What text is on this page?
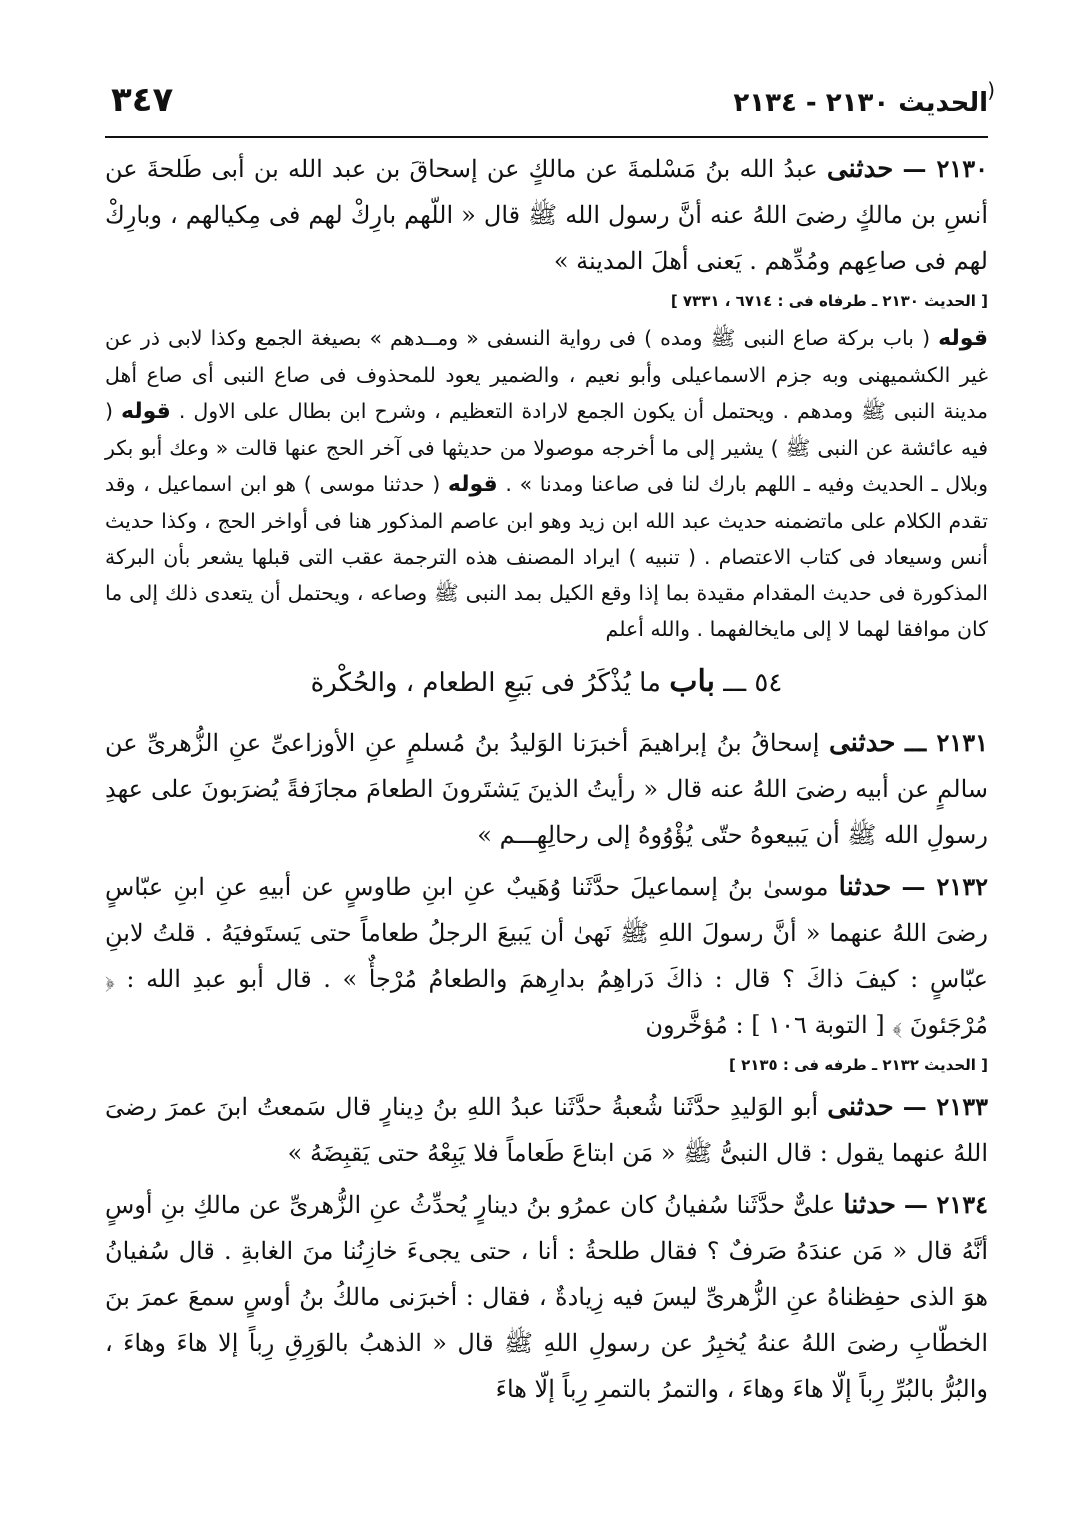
(
الحديث ٢١٣٠ - ٢١٣٤
٣٤٧

٢١٣٠ — حدثنى عبدُ الله بنُ مَسْلمةَ عن مالكٍ عن إسحاقَ بن عبد الله بن أبى طَلحةَ عن أنسِ بن مالكٍ رضىَ اللهُ عنه أنَّ رسول الله ﷺ قال « اللّهم بارِكْ لهم فى مِكيالهم ، وبارِكْ لهم فى صاعِهم ومُدِّهم . يَعنى أهلَ المدينة »

[ الحديث ٢١٣٠ ـ طرفاه فى : ٦٧١٤ ، ٧٣٣١ ]

قوله ( باب بركة صاع النبى ﷺ ومده ) فى رواية النسفى « ومــدهم » بصيغة الجمع وكذا لابى ذر عن غير الكشميهنى وبه جزم الاسماعيلى وأبو نعيم ، والضمير يعود للمحذوف فى صاع النبى أى صاع أهل مدينة النبى ﷺ ومدهم . ويحتمل أن يكون الجمع لارادة التعظيم ، وشرح ابن بطال على الاول . قوله ( فيه عائشة عن النبى ﷺ ) يشير إلى ما أخرجه موصولا من حديثها فى آخر الحج عنها قالت « وعك أبو بكر وبلال ـ الحديث وفيه ـ اللهم بارك لنا فى صاعنا ومدنا » . قوله ( حدثنا موسى ) هو ابن اسماعيل ، وقد تقدم الكلام على ماتضمنه حديث عبد الله ابن زيد وهو ابن عاصم المذكور هنا فى أواخر الحج ، وكذا حديث أنس وسيعاد فى كتاب الاعتصام . ( تنبيه ) ايراد المصنف هذه الترجمة عقب التى قبلها يشعر بأن البركة المذكورة فى حديث المقدام مقيدة بما إذا وقع الكيل بمد النبى ﷺ وصاعه ، ويحتمل أن يتعدى ذلك إلى ما كان موافقا لهما لا إلى مايخالفهما . والله أعلم

٥٤ ـــ باب ما يُذْكَرُ فى بَيعِ الطعام ، والحُكْرة

٢١٣١ ـــ حدثنى إسحاقُ بنُ إبراهيمَ أخبرَنا الوَليدُ بنُ مُسلمٍ عنِ الأوزاعىِّ عنِ الزُّهرىِّ عن سالمٍ عن أبيه رضىَ اللهُ عنه قال « رأيتُ الذينَ يَشتَرونَ الطعامَ مجازَفةً يُضرَبونَ على عهدِ رسولِ الله ﷺ أن يَبيعوهُ حتّى يُؤْوُوهُ إلى رحالِهِـــم »

٢١٣٢ — حدثنا موسىٰ بنُ إسماعيلَ حدَّثَنا وُهَيبٌ عنِ ابنِ طاوسٍ عن أبيهِ عنِ ابنِ عبّاسٍ رضىَ اللهُ عنهما « أنَّ رسولَ اللهِ ﷺ نَهىٰ أن يَبيعَ الرجلُ طعاماً حتى يَستَوفيَهُ . قلتُ لابنِ عبّاسٍ : كيفَ ذاكَ ؟ قال : ذاكَ دَراهِمُ بدارِهمَ والطعامُ مُرْجأٌ » . قال أبو عبدِ الله : ﴿ مُرْجَئونَ ﴾ [ التوبة ١٠٦ ] : مُؤخَّرون

[ الحديث ٢١٣٢ ـ طرفه فى : ٢١٣٥ ]

٢١٣٣ — حدثنى أبو الوَليدِ حدَّثَنا شُعبةُ حدَّثَنا عبدُ اللهِ بنُ دِينارٍ قال سَمعتُ ابنَ عمرَ رضىَ اللهُ عنهما يقول : قال النبىُّ ﷺ « مَن ابتاعَ طَعاماً فلا يَبِعْهُ حتى يَقبِضَهُ »

٢١٣٤ — حدثنا علىٌّ حدَّثَنا سُفيانُ كان عمرُو بنُ دينارٍ يُحدِّثُ عنِ الزُّهرىِّ عن مالكِ بنِ أوسٍ أنَّهُ قال « مَن عندَهُ صَرفٌ ؟ فقال طلحةُ : أنا ، حتى يجىءَ خازِنُنا منَ الغابةِ . قال سُفيانُ هوَ الذى حفِظناهُ عنِ الزُّهرىِّ ليسَ فيه زِيادةٌ ، فقال : أخبرَنى مالكُ بنُ أوسٍ سمعَ عمرَ بنَ الخطّابِ رضىَ اللهُ عنهُ يُخبِرُ عن رسولِ اللهِ ﷺ قال « الذهبُ بالوَرِقِ رِباً إلا هاءَ وهاءَ ، والبُرُّ بالبُرِّ رِباً إلّا هاءَ وهاءَ ، والتمرُ بالتمرِ رِباً إلّا هاءَ
